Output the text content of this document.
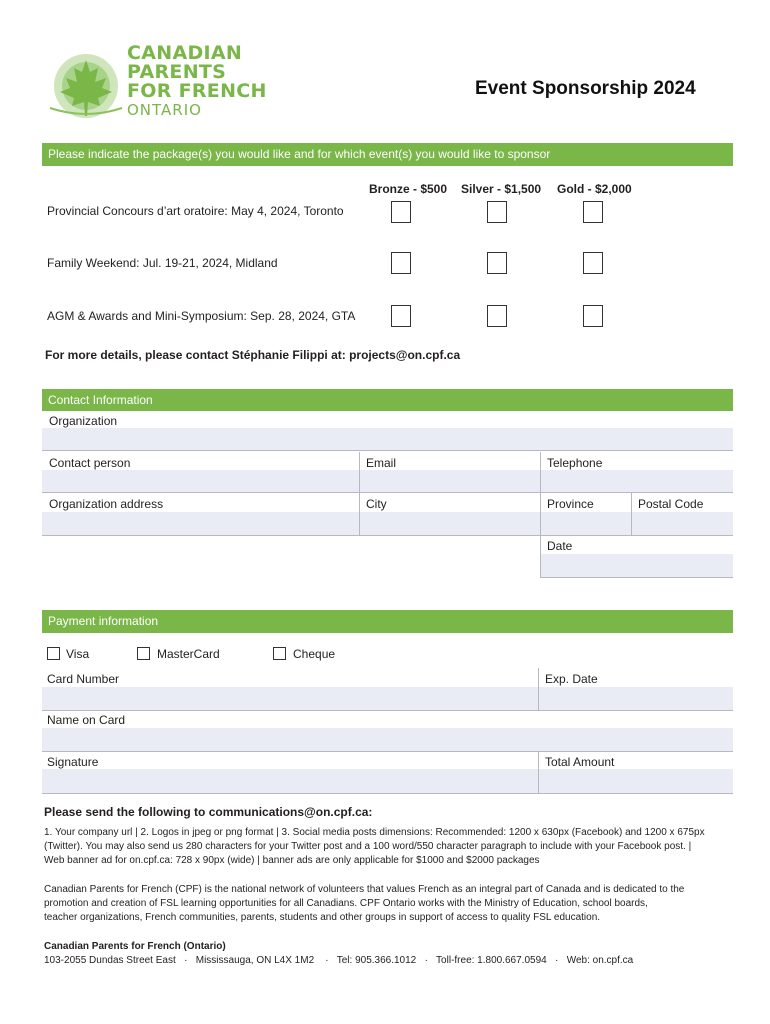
CANADIAN
PARENTS
FOR FRENCH
ONTARIO
Event Sponsorship 2024
Please indicate the package(s) you would like and for which event(s) you would like to sponsor
Bronze - $500 Silver - $1,500 Gold - $2,000
Provincial Concours d’art oratoire: May 4, 2024, Toronto
Family Weekend: Jul. 19-21, 2024, Midland
AGM & Awards and Mini-Symposium: Sep. 28, 2024, GTA
For more details, please contact Stéphanie Filippi at: projects@on.cpf.ca
Contact Information
Organization
Contact person	Email	Telephone
Organization address	City	Province	Postal Code
Date
Payment information
Visa	MasterCard	Cheque
Card Number	Exp. Date
Name on Card
Signature	Total Amount
Please send the following to communications@on.cpf.ca:
1. Your company url | 2. Logos in jpeg or png format | 3. Social media posts dimensions: Recommended: 1200 x 630px (Facebook) and 1200 x 675px
(Twitter). You may also send us 280 characters for your Twitter post and a 100 word/550 character paragraph to include with your Facebook post. |
Web banner ad for on.cpf.ca: 728 x 90px (wide) | banner ads are only applicable for $1000 and $2000 packages
Canadian Parents for French (CPF) is the national network of volunteers that values French as an integral part of Canada and is dedicated to the
promotion and creation of FSL learning opportunities for all Canadians. CPF Ontario works with the Ministry of Education, school boards,
teacher organizations, French communities, parents, students and other groups in support of access to quality FSL education.
Canadian Parents for French (Ontario)
103-2055 Dundas Street East   ·   Mississauga, ON L4X 1M2    ·   Tel: 905.366.1012   ·   Toll-free: 1.800.667.0594   ·   Web: on.cpf.ca
